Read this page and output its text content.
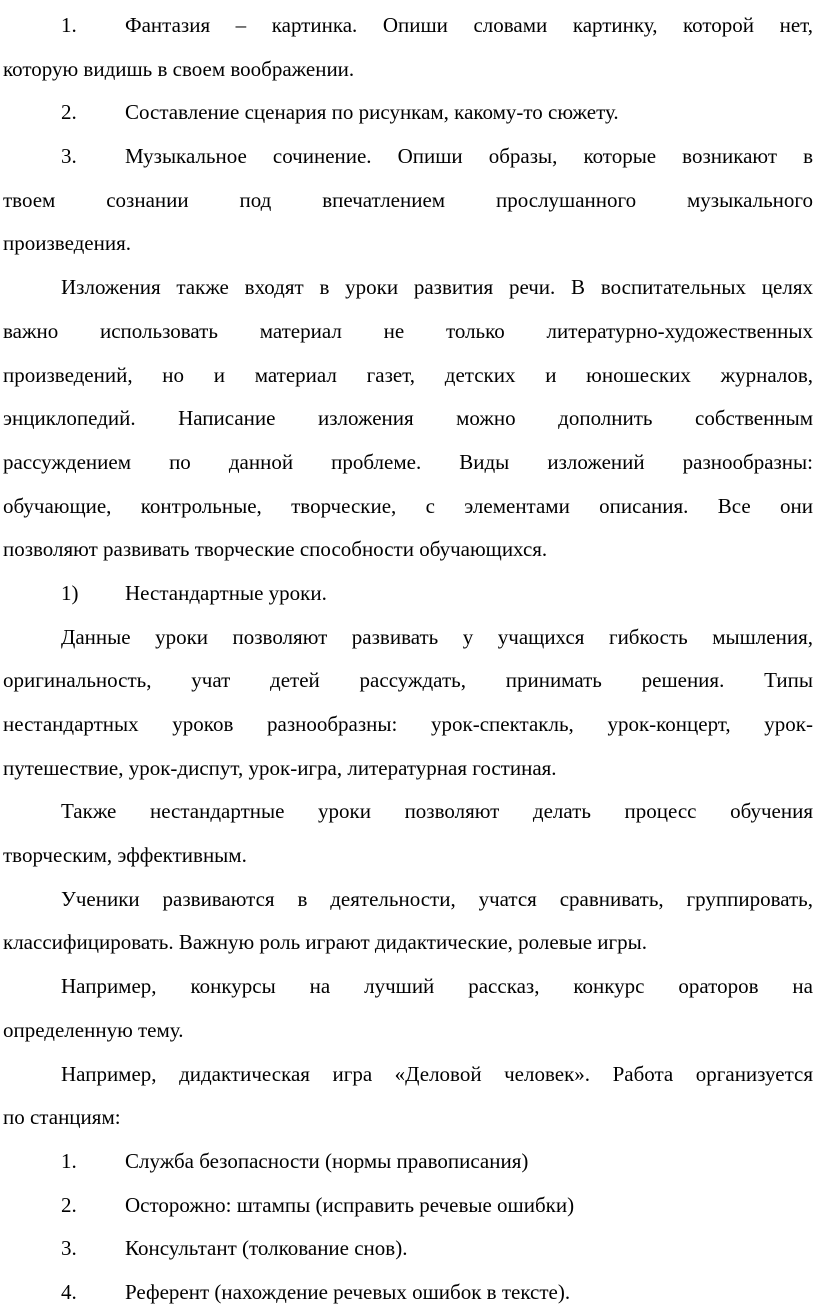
1. Фантазия – картинка. Опиши словами картинку, которой нет,
которую видишь в своем воображении.
2. Составление сценария по рисункам, какому-то сюжету.
3. Музыкальное сочинение. Опиши образы, которые возникают в
твоем сознании под впечатлением прослушанного музыкального
произведения.
Изложения также входят в уроки развития речи. В воспитательных целях
важно использовать материал не только литературно-художественных
произведений, но и материал газет, детских и юношеских журналов,
энциклопедий. Написание изложения можно дополнить собственным
рассуждением по данной проблеме. Виды изложений разнообразны:
обучающие, контрольные, творческие, с элементами описания. Все они
позволяют развивать творческие способности обучающихся.
1) Нестандартные уроки.
Данные уроки позволяют развивать у учащихся гибкость мышления,
оригинальность, учат детей рассуждать, принимать решения. Типы
нестандартных уроков разнообразны: урок-спектакль, урок-концерт, урок-
путешествие, урок-диспут, урок-игра, литературная гостиная.
Также нестандартные уроки позволяют делать процесс обучения
творческим, эффективным.
Ученики развиваются в деятельности, учатся сравнивать, группировать,
классифицировать. Важную роль играют дидактические, ролевые игры.
Например, конкурсы на лучший рассказ, конкурс ораторов на
определенную тему.
Например, дидактическая игра «Деловой человек». Работа организуется
по станциям:
1. Служба безопасности (нормы правописания)
2. Осторожно: штампы (исправить речевые ошибки)
3. Консультант (толкование снов).
4. Референт (нахождение речевых ошибок в тексте).
